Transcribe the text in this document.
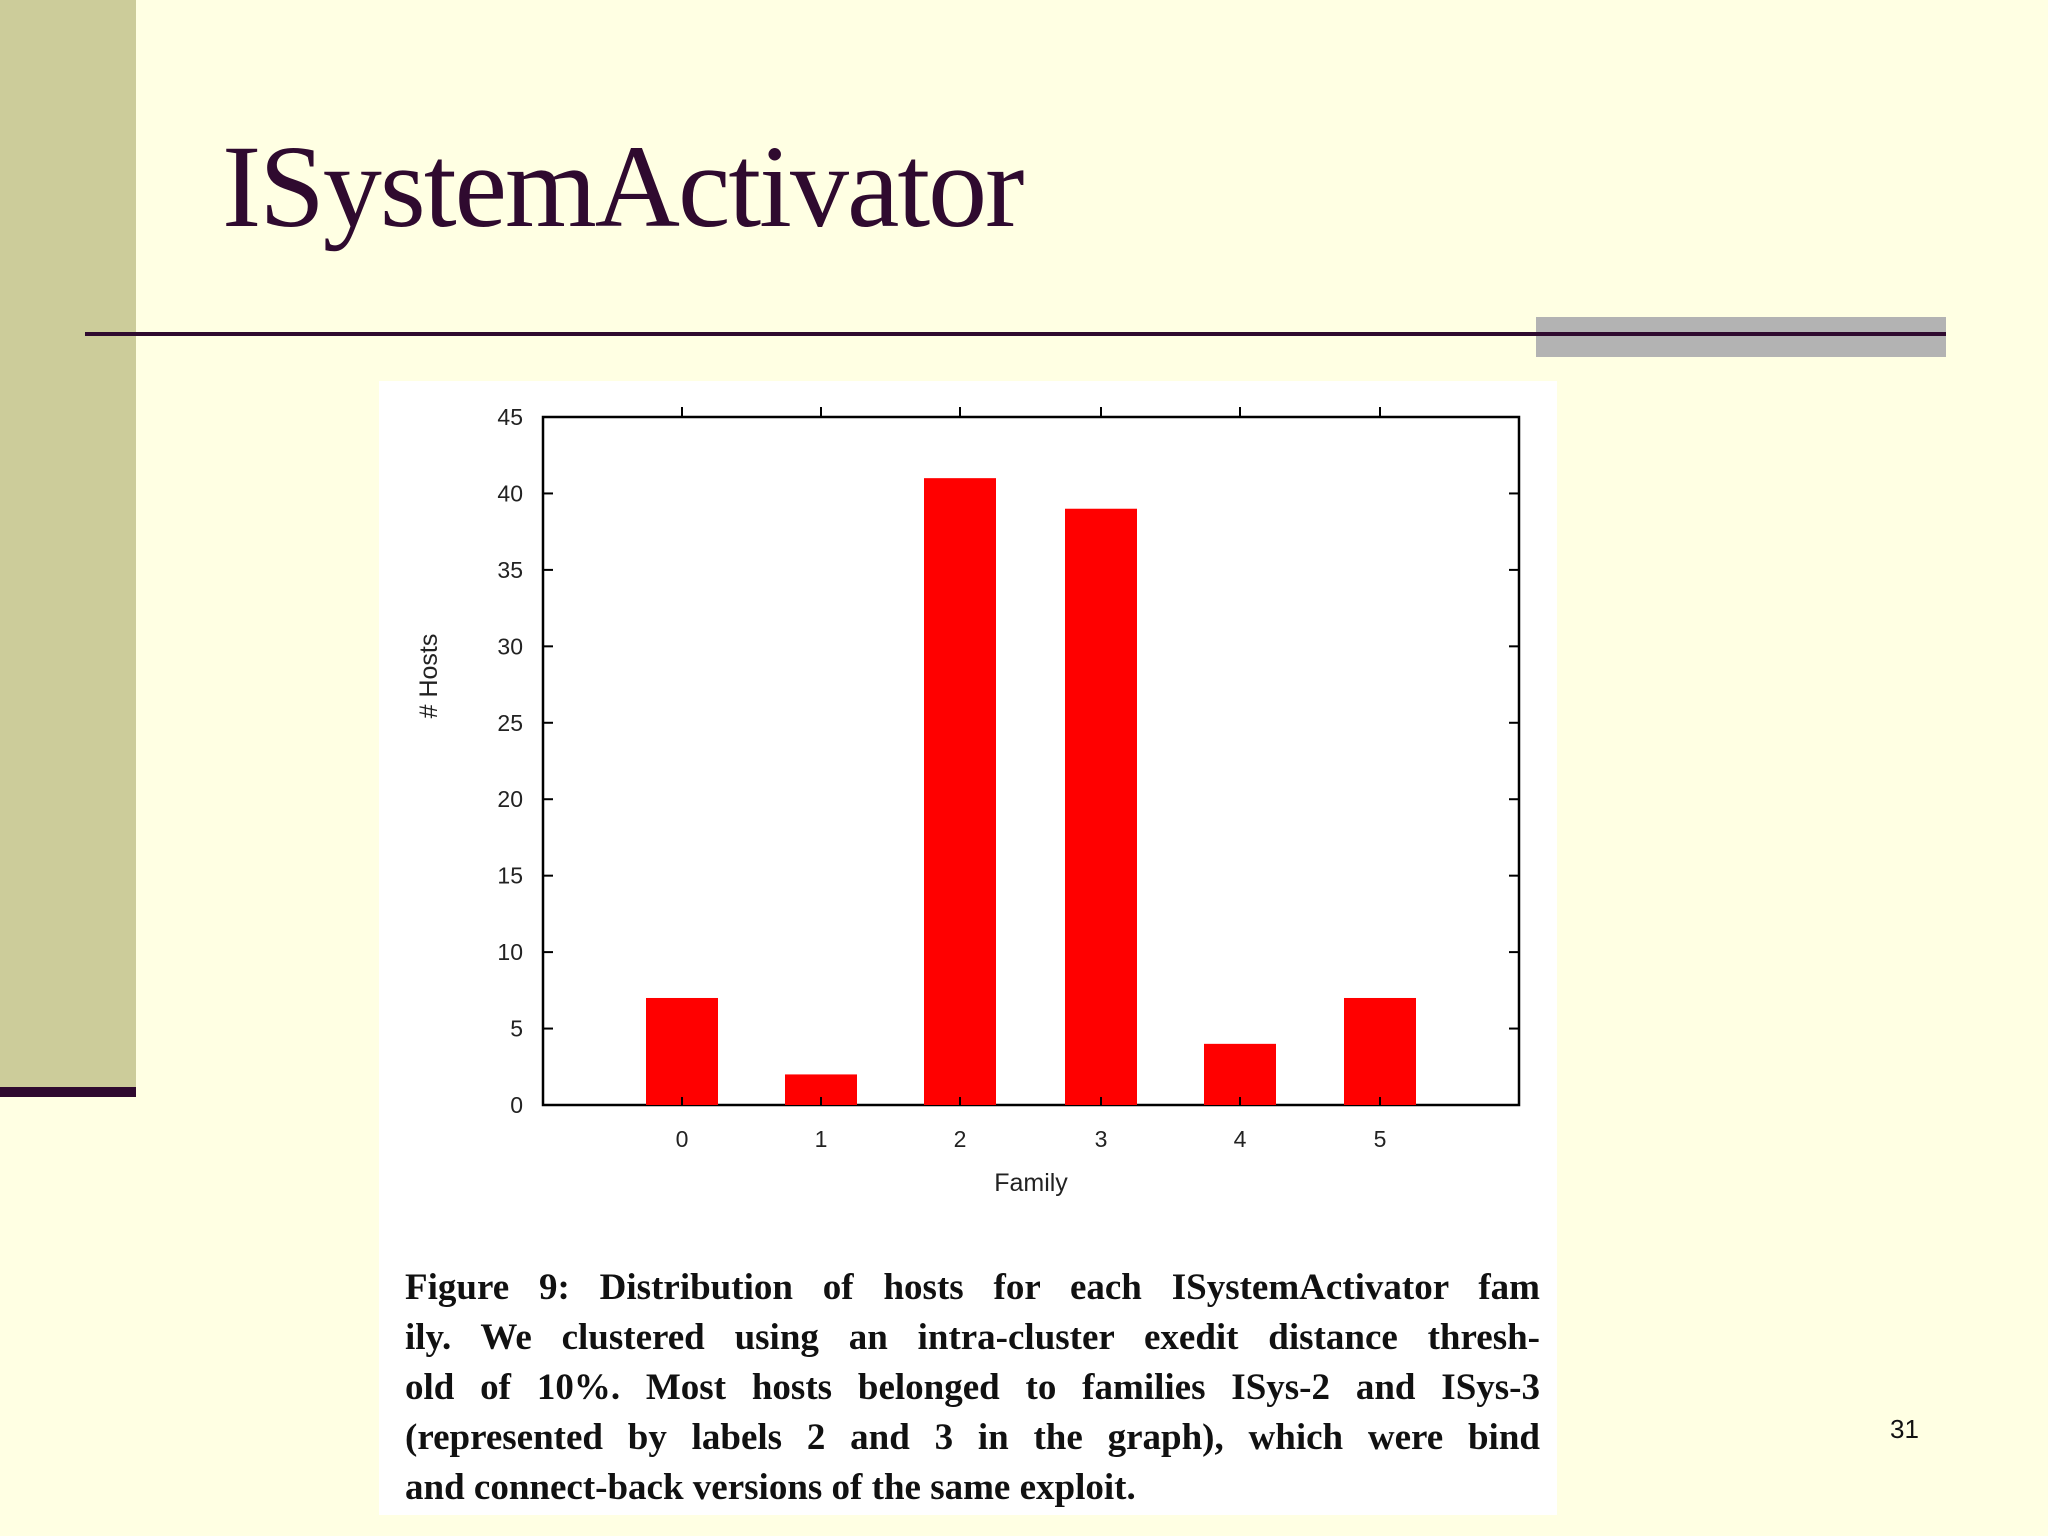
ISystemActivator
0
5
10
15
20
25
30
35
40
45
0	1	2	3	4	5
Family
# Hosts
Figure 9: Distribution of hosts for each ISystemActivator fam
ily. We clustered using an intra-cluster exedit distance thresh-
old of 10%. Most hosts belonged to families ISys-2 and ISys-3
(represented by labels 2 and 3 in the graph), which were bind
and connect-back versions of the same exploit.
31
